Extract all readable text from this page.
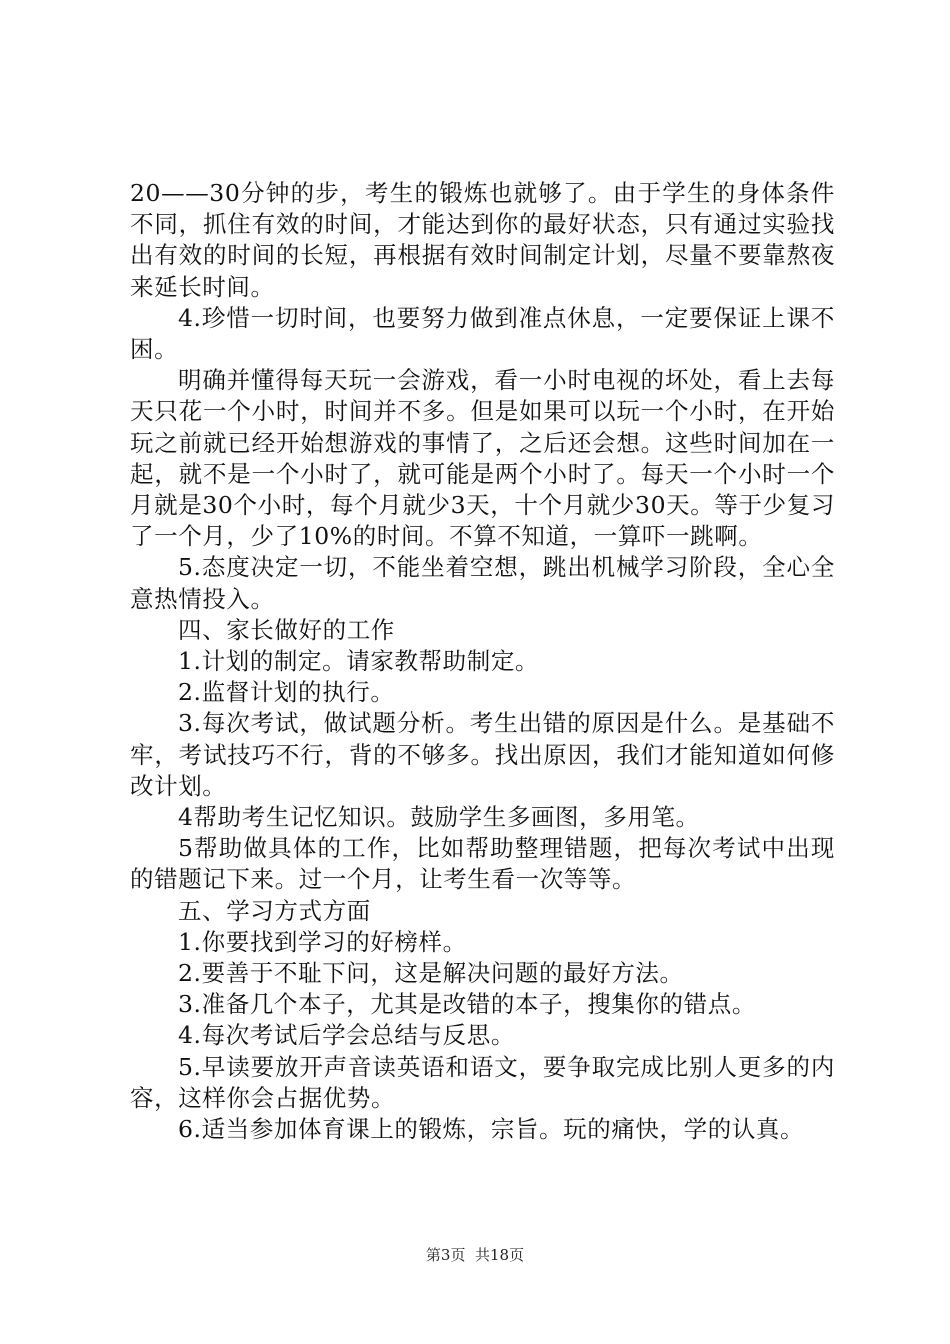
20——30分钟的步，考生的锻炼也就够了。由于学生的身体条件不同，抓住有效的时间，才能达到你的最好状态，只有通过实验找出有效的时间的长短，再根据有效时间制定计划，尽量不要靠熬夜来延长时间。

4.珍惜一切时间，也要努力做到准点休息，一定要保证上课不困。

明确并懂得每天玩一会游戏，看一小时电视的坏处，看上去每天只花一个小时，时间并不多。但是如果可以玩一个小时，在开始玩之前就已经开始想游戏的事情了，之后还会想。这些时间加在一起，就不是一个小时了，就可能是两个小时了。每天一个小时一个月就是30个小时，每个月就少3天，十个月就少30天。等于少复习了一个月，少了10%的时间。不算不知道，一算吓一跳啊。

5.态度决定一切，不能坐着空想，跳出机械学习阶段，全心全意热情投入。

四、家长做好的工作

1.计划的制定。请家教帮助制定。

2.监督计划的执行。

3.每次考试，做试题分析。考生出错的原因是什么。是基础不牢，考试技巧不行，背的不够多。找出原因，我们才能知道如何修改计划。

4帮助考生记忆知识。鼓励学生多画图，多用笔。

5帮助做具体的工作，比如帮助整理错题，把每次考试中出现的错题记下来。过一个月，让考生看一次等等。

五、学习方式方面

1.你要找到学习的好榜样。

2.要善于不耻下问，这是解决问题的最好方法。

3.准备几个本子，尤其是改错的本子，搜集你的错点。

4.每次考试后学会总结与反思。

5.早读要放开声音读英语和语文，要争取完成比别人更多的内容，这样你会占据优势。

6.适当参加体育课上的锻炼，宗旨。玩的痛快，学的认真。

第3页  共18页
